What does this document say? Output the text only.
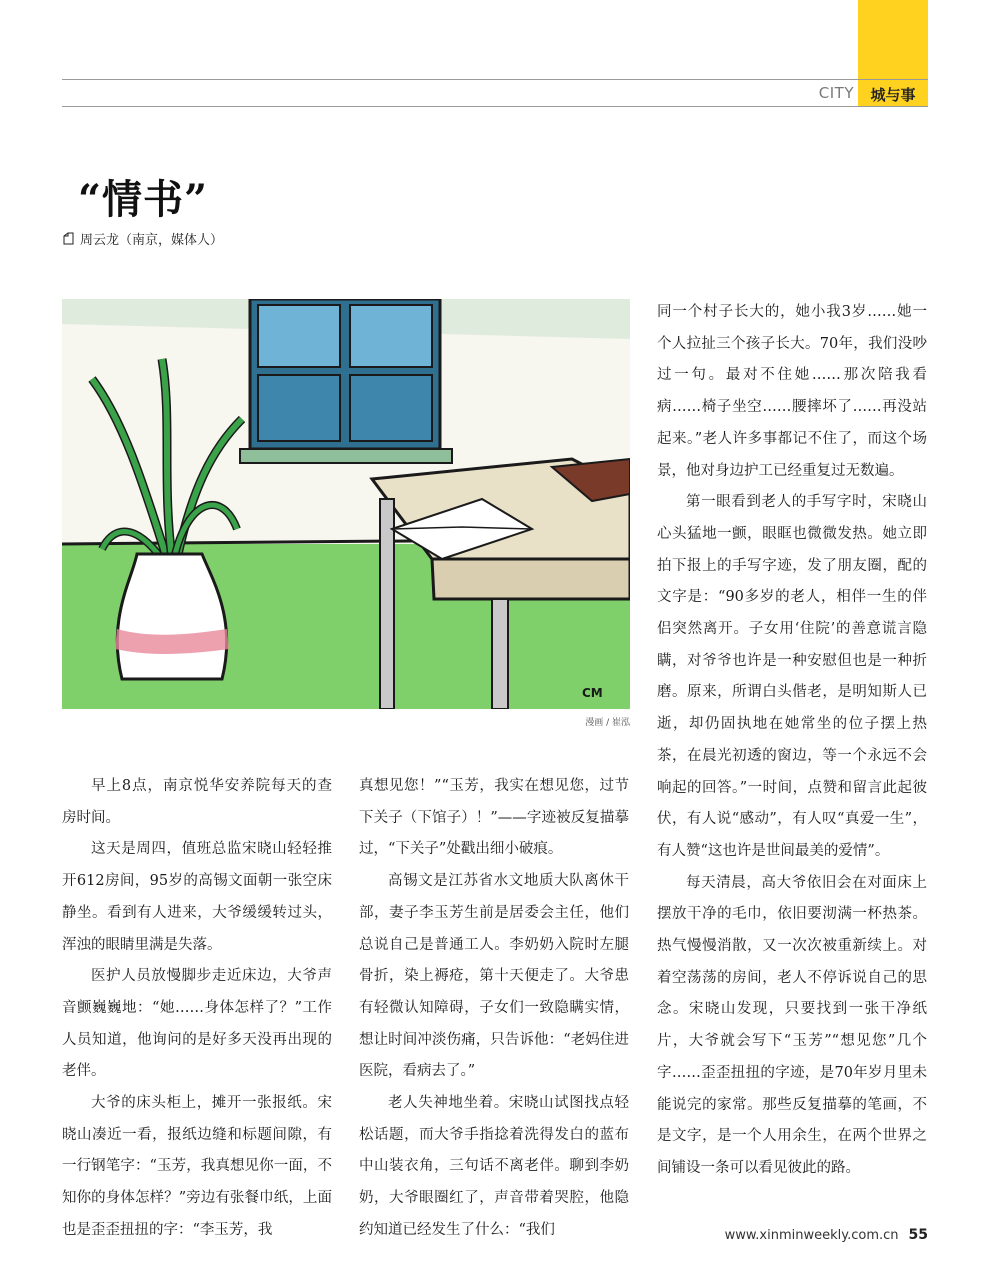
CITY	城与事
“情书”
周云龙（南京，媒体人）
CM
漫画 / 崔泓

早上8点，南京悦华安养院每天的查房时间。

这天是周四，值班总监宋晓山轻轻推开612房间，95岁的高锡文面朝一张空床静坐。看到有人进来，大爷缓缓转过头，浑浊的眼睛里满是失落。

医护人员放慢脚步走近床边，大爷声音颤巍巍地：“她……身体怎样了？”工作人员知道，他询问的是好多天没再出现的老伴。

大爷的床头柜上，摊开一张报纸。宋晓山凑近一看，报纸边缝和标题间隙，有一行钢笔字：“玉芳，我真想见你一面，不知你的身体怎样？”旁边有张餐巾纸，上面也是歪歪扭扭的字：“李玉芳，我

真想见您！”“玉芳，我实在想见您，过节下关子（下馆子）！”——字迹被反复描摹过，“下关子”处戳出细小破痕。

高锡文是江苏省水文地质大队离休干部，妻子李玉芳生前是居委会主任，他们总说自己是普通工人。李奶奶入院时左腿骨折，染上褥疮，第十天便走了。大爷患有轻微认知障碍，子女们一致隐瞒实情，想让时间冲淡伤痛，只告诉他：“老妈住进医院，看病去了。”

老人失神地坐着。宋晓山试图找点轻松话题，而大爷手指捻着洗得发白的蓝布中山装衣角，三句话不离老伴。聊到李奶奶，大爷眼圈红了，声音带着哭腔，他隐约知道已经发生了什么：“我们

同一个村子长大的，她小我3岁……她一个人拉扯三个孩子长大。70年，我们没吵过一句。最对不住她……那次陪我看病……椅子坐空……腰摔坏了……再没站起来。”老人许多事都记不住了，而这个场景，他对身边护工已经重复过无数遍。

第一眼看到老人的手写字时，宋晓山心头猛地一颤，眼眶也微微发热。她立即拍下报上的手写字迹，发了朋友圈，配的文字是：“90多岁的老人，相伴一生的伴侣突然离开。子女用‘住院’的善意谎言隐瞒，对爷爷也许是一种安慰但也是一种折磨。原来，所谓白头偕老，是明知斯人已逝，却仍固执地在她常坐的位子摆上热茶，在晨光初透的窗边，等一个永远不会响起的回答。”一时间，点赞和留言此起彼伏，有人说“感动”，有人叹“真爱一生”，有人赞“这也许是世间最美的爱情”。

每天清晨，高大爷依旧会在对面床上摆放干净的毛巾，依旧要沏满一杯热茶。热气慢慢消散，又一次次被重新续上。对着空荡荡的房间，老人不停诉说自己的思念。宋晓山发现，只要找到一张干净纸片，大爷就会写下“玉芳”“想见您”几个字……歪歪扭扭的字迹，是70年岁月里未能说完的家常。那些反复描摹的笔画，不是文字，是一个人用余生，在两个世界之间铺设一条可以看见彼此的路。

www.xinminweekly.com.cn 55
